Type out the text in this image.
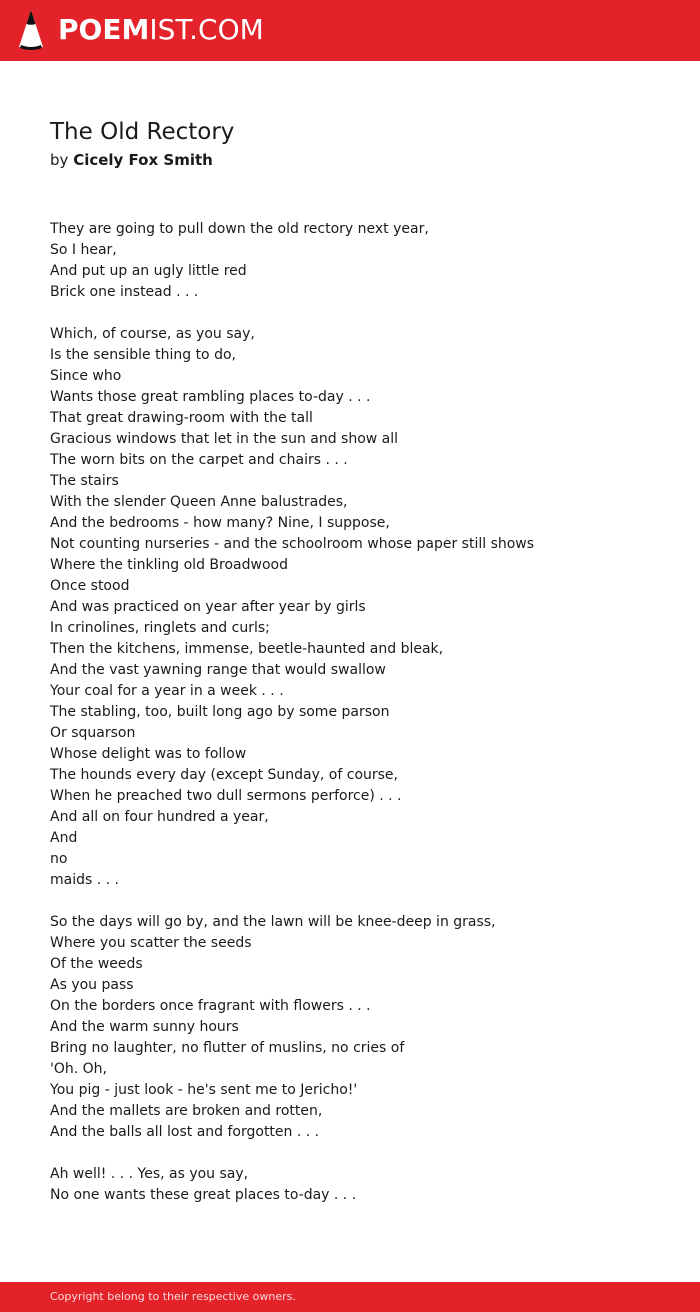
POEMIST.COM
The Old Rectory
by Cicely Fox Smith
They are going to pull down the old rectory next year,
So I hear,
And put up an ugly little red
Brick one instead . . .
Which, of course, as you say,
Is the sensible thing to do,
Since who
Wants those great rambling places to-day . . .
That great drawing-room with the tall
Gracious windows that let in the sun and show all
The worn bits on the carpet and chairs . . .
The stairs
With the slender Queen Anne balustrades,
And the bedrooms - how many? Nine, I suppose,
Not counting nurseries - and the schoolroom whose paper still shows
Where the tinkling old Broadwood
Once stood
And was practiced on year after year by girls
In crinolines, ringlets and curls;
Then the kitchens, immense, beetle-haunted and bleak,
And the vast yawning range that would swallow
Your coal for a year in a week . . .
The stabling, too, built long ago by some parson
Or squarson
Whose delight was to follow
The hounds every day (except Sunday, of course,
When he preached two dull sermons perforce) . . .
And all on four hundred a year,
And
no
maids . . .
So the days will go by, and the lawn will be knee-deep in grass,
Where you scatter the seeds
Of the weeds
As you pass
On the borders once fragrant with flowers . . .
And the warm sunny hours
Bring no laughter, no flutter of muslins, no cries of
'Oh. Oh,
You pig - just look - he's sent me to Jericho!'
And the mallets are broken and rotten,
And the balls all lost and forgotten . . .
Ah well! . . . Yes, as you say,
No one wants these great places to-day . . .
Copyright belong to their respective owners.
